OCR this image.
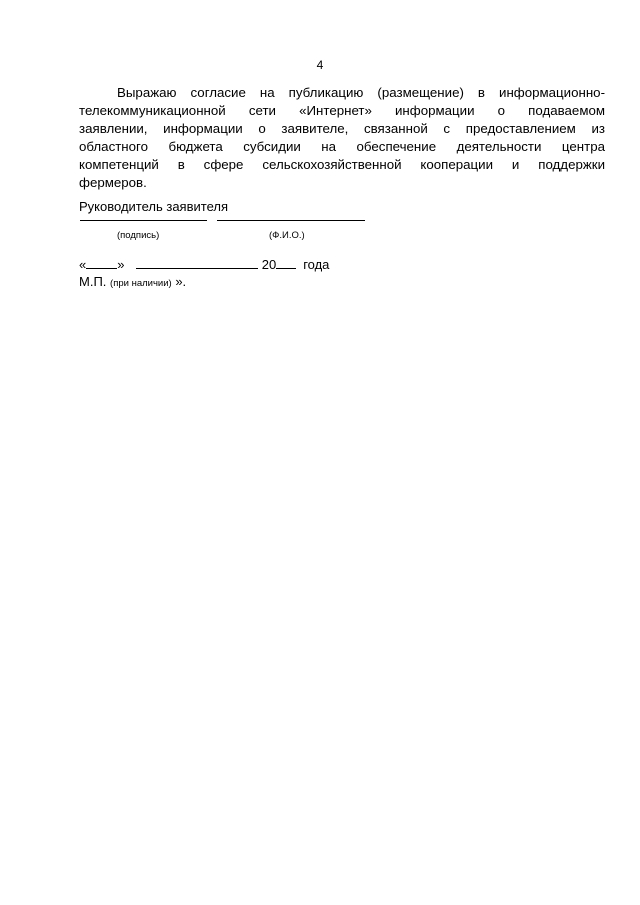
4
Выражаю согласие на публикацию (размещение) в информационно-
телекоммуникационной сети «Интернет» информации о подаваемом
заявлении, информации о заявителе, связанной с предоставлением из
областного бюджета субсидии на обеспечение деятельности центра
компетенций в сфере сельскохозяйственной кооперации и поддержки
фермеров.
Руководитель заявителя
(подпись)	(Ф.И.О.)
« »	20 года
М.П. (при наличии) ».
